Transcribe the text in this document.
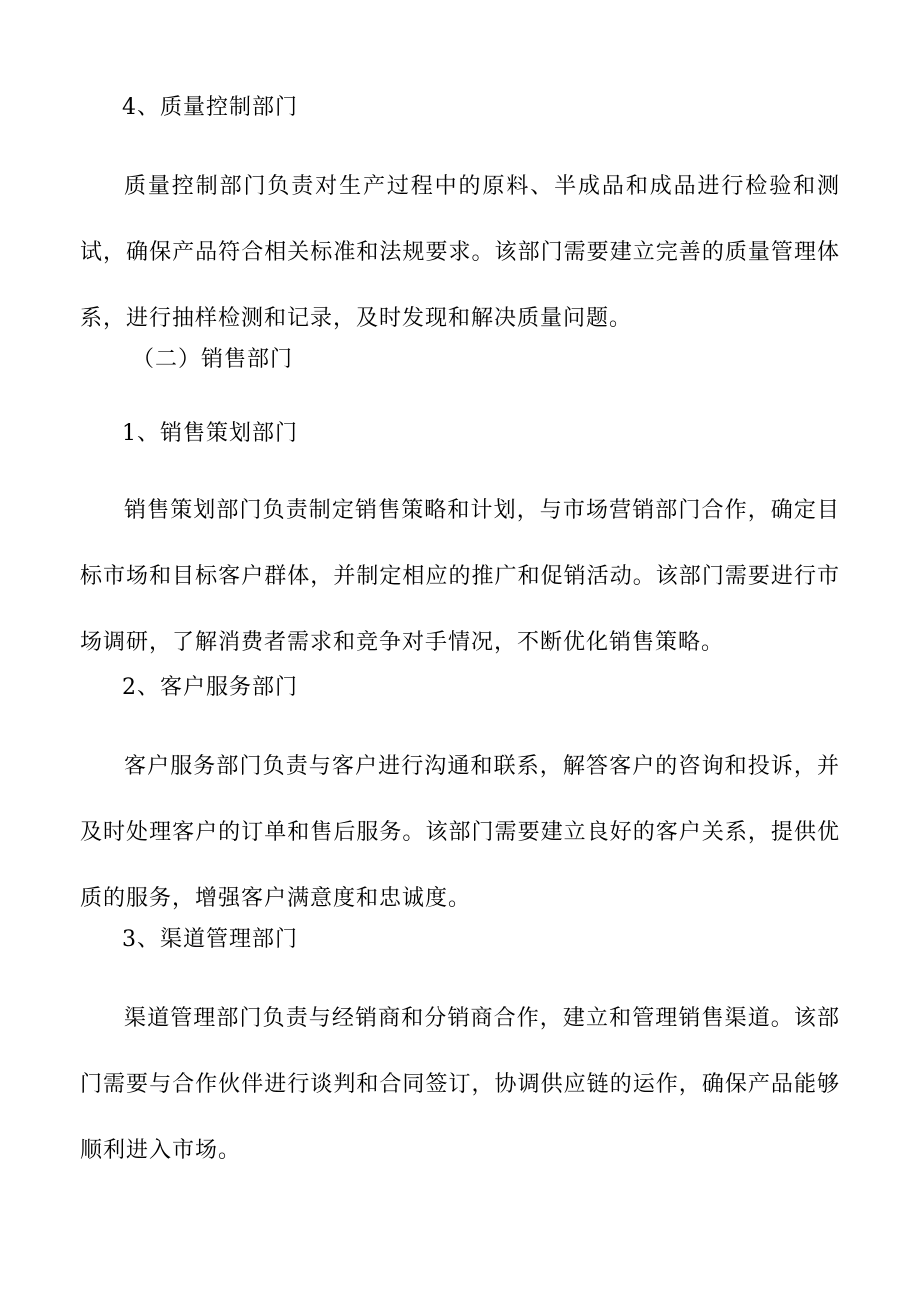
4、质量控制部门
质量控制部门负责对生产过程中的原料、半成品和成品进行检验和测试，确保产品符合相关标准和法规要求。该部门需要建立完善的质量管理体系，进行抽样检测和记录，及时发现和解决质量问题。
（二）销售部门
1、销售策划部门
销售策划部门负责制定销售策略和计划，与市场营销部门合作，确定目标市场和目标客户群体，并制定相应的推广和促销活动。该部门需要进行市场调研，了解消费者需求和竞争对手情况，不断优化销售策略。
2、客户服务部门
客户服务部门负责与客户进行沟通和联系，解答客户的咨询和投诉，并及时处理客户的订单和售后服务。该部门需要建立良好的客户关系，提供优质的服务，增强客户满意度和忠诚度。
3、渠道管理部门
渠道管理部门负责与经销商和分销商合作，建立和管理销售渠道。该部门需要与合作伙伴进行谈判和合同签订，协调供应链的运作，确保产品能够顺利进入市场。
